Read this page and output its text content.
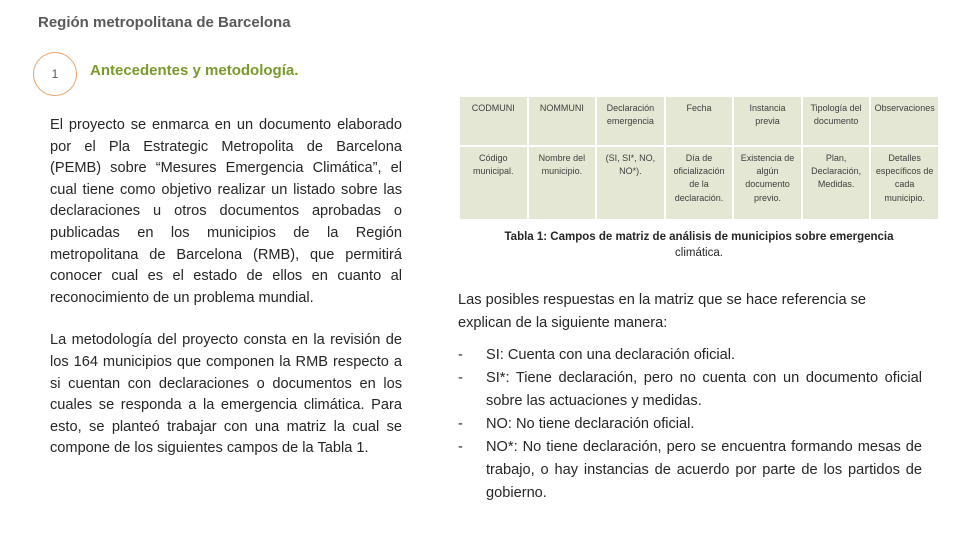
Región metropolitana de Barcelona
1 Antecedentes y metodología.

El proyecto se enmarca en un documento elaborado por el Pla Estrategic Metropolita de Barcelona (PEMB) sobre “Mesures Emergencia Climática”, el cual tiene como objetivo realizar un listado sobre las declaraciones u otros documentos aprobadas o publicadas en los municipios de la Región metropolitana de Barcelona (RMB), que permitirá conocer cual es el estado de ellos en cuanto al reconocimiento de un problema mundial.

La metodología del proyecto consta en la revisión de los 164 municipios que componen la RMB respecto a si cuentan con declaraciones o documentos en los cuales se responda a la emergencia climática. Para esto, se planteó trabajar con una matriz la cual se compone de los siguientes campos de la Tabla 1.

CODMUNI	NOMMUNI	Declaración emergencia	Fecha	Instancia previa	Tipología del documento	Observaciones
Código municipal.	Nombre del municipio.	(SI, SI*, NO, NO*).	Día de oficialización de la declaración.	Existencia de algún documento previo.	Plan, Declaración, Medidas.	Detalles específicos de cada municipio.
Tabla 1: Campos de matriz de análisis de municipios sobre emergencia
climática.
Las posibles respuestas en la matriz que se hace referencia se explican de la siguiente manera:
-	SI: Cuenta con una declaración oficial.
-	SI*: Tiene declaración, pero no cuenta con un documento oficial sobre las actuaciones y medidas.
-	NO: No tiene declaración oficial.
-	NO*: No tiene declaración, pero se encuentra formando mesas de trabajo, o hay instancias de acuerdo por parte de los partidos de gobierno.
